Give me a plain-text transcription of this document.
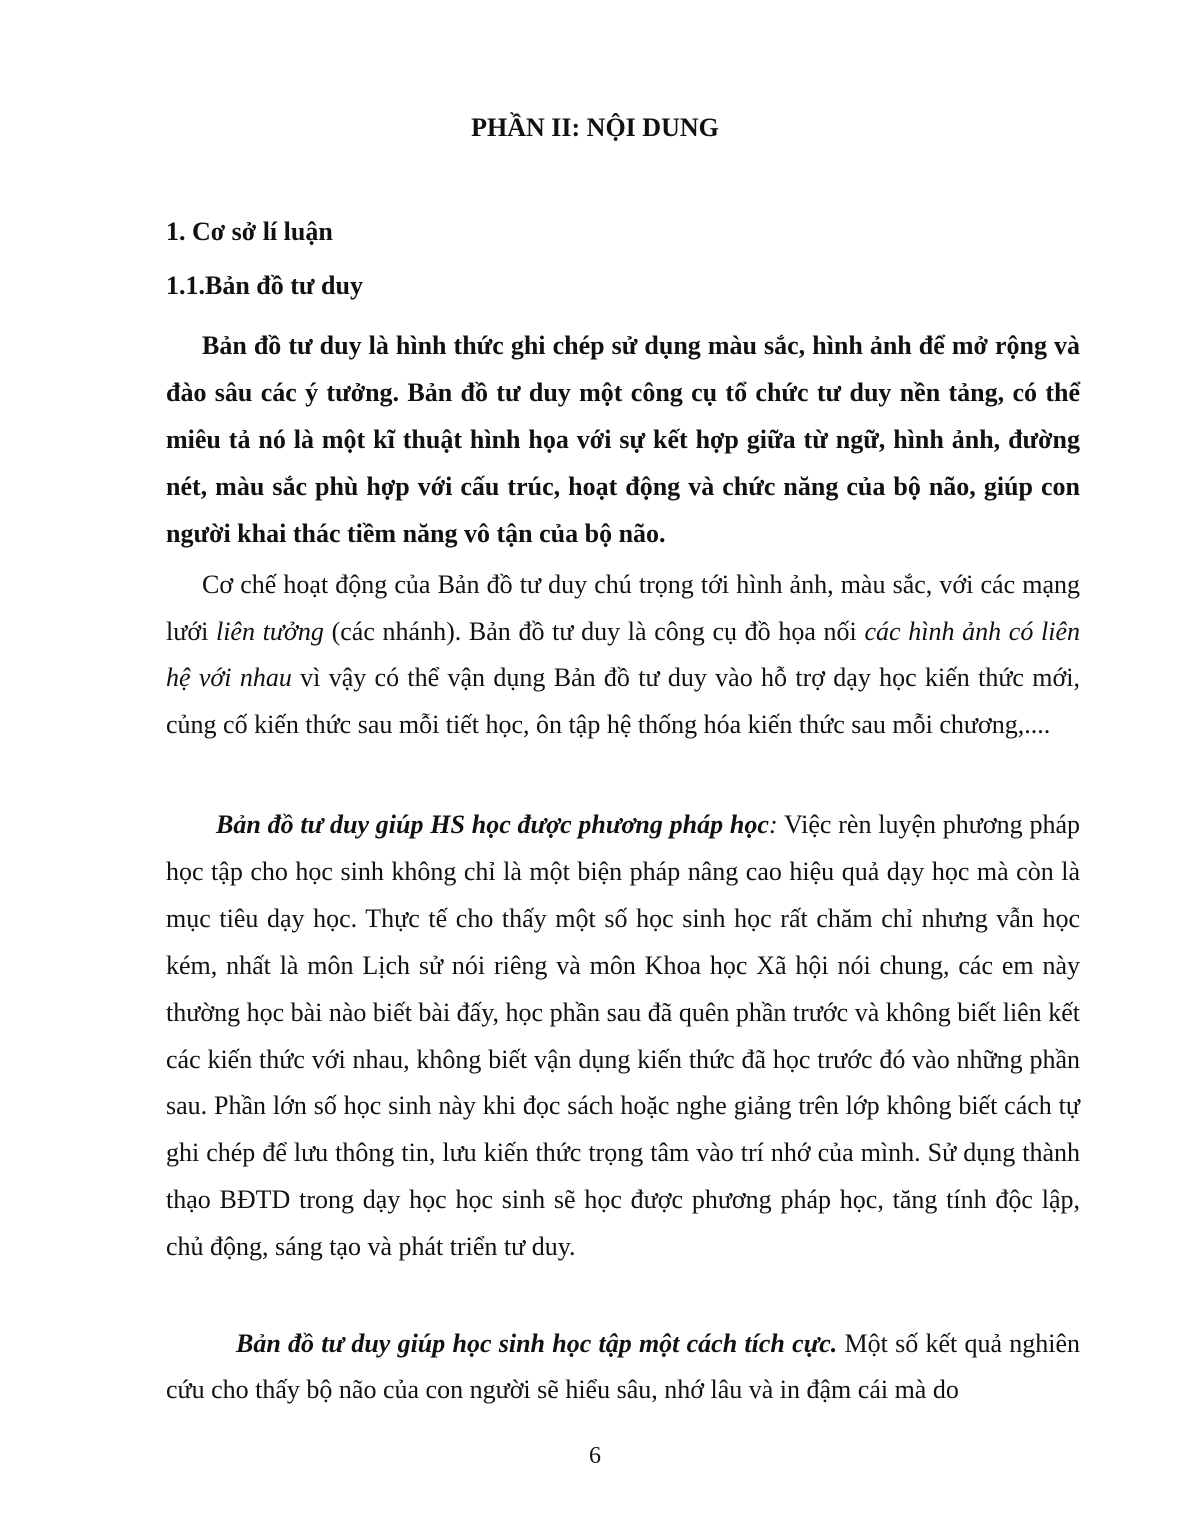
PHẦN II: NỘI DUNG
1. Cơ sở lí luận
1.1.Bản đồ tư duy

Bản đồ tư duy là hình thức ghi chép sử dụng màu sắc, hình ảnh để mở rộng và đào sâu các ý tưởng. Bản đồ tư duy một công cụ tổ chức tư duy nền tảng, có thể miêu tả nó là một kĩ thuật hình họa với sự kết hợp giữa từ ngữ, hình ảnh, đường nét, màu sắc phù hợp với cấu trúc, hoạt động và chức năng của bộ não, giúp con người khai thác tiềm năng vô tận của bộ não.

Cơ chế hoạt động của Bản đồ tư duy chú trọng tới hình ảnh, màu sắc, với các mạng lưới liên tưởng (các nhánh). Bản đồ tư duy là công cụ đồ họa nối các hình ảnh có liên hệ với nhau vì vậy có thể vận dụng Bản đồ tư duy vào hỗ trợ dạy học kiến thức mới, củng cố kiến thức sau mỗi tiết học, ôn tập hệ thống hóa kiến thức sau mỗi chương,....

Bản đồ tư duy giúp HS học được phương pháp học: Việc rèn luyện phương pháp học tập cho học sinh không chỉ là một biện pháp nâng cao hiệu quả dạy học mà còn là mục tiêu dạy học. Thực tế cho thấy một số học sinh học rất chăm chỉ nhưng vẫn học kém, nhất là môn Lịch sử nói riêng và môn Khoa học Xã hội nói chung, các em này thường học bài nào biết bài đấy, học phần sau đã quên phần trước và không biết liên kết các kiến thức với nhau, không biết vận dụng kiến thức đã học trước đó vào những phần sau. Phần lớn số học sinh này khi đọc sách hoặc nghe giảng trên lớp không biết cách tự ghi chép để lưu thông tin, lưu kiến thức trọng tâm vào trí nhớ của mình. Sử dụng thành thạo BĐTD trong dạy học học sinh sẽ học được phương pháp học, tăng tính độc lập, chủ động, sáng tạo và phát triển tư duy.

Bản đồ tư duy giúp học sinh học tập một cách tích cực. Một số kết quả nghiên cứu cho thấy bộ não của con người sẽ hiểu sâu, nhớ lâu và in đậm cái mà do

6
